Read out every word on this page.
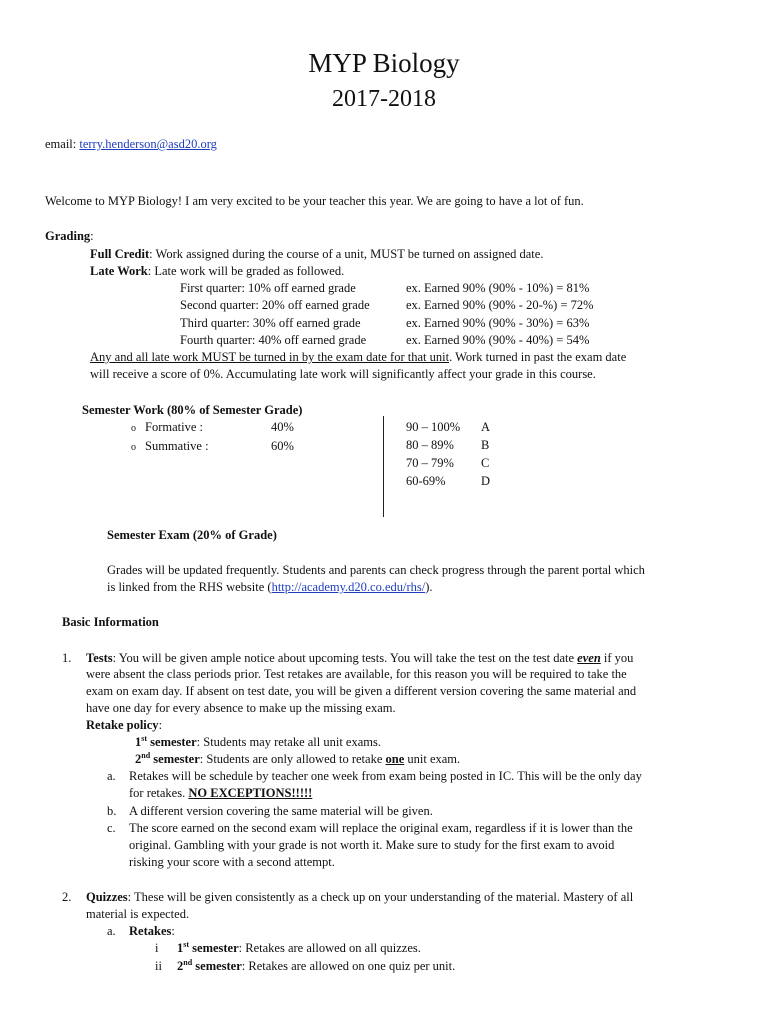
MYP Biology
2017-2018
email: terry.henderson@asd20.org
Welcome to MYP Biology! I am very excited to be your teacher this year. We are going to have a lot of fun.
Grading:
Full Credit: Work assigned during the course of a unit, MUST be turned on assigned date.
Late Work: Late work will be graded as followed.
First quarter: 10% off earned grade	ex. Earned 90% (90% - 10%) = 81%
Second quarter: 20% off earned grade	ex. Earned 90% (90% - 20-%) = 72%
Third quarter: 30% off earned grade	ex. Earned 90% (90% - 30%) = 63%
Fourth quarter: 40% off earned grade	ex. Earned 90% (90% - 40%) = 54%
Any and all late work MUST be turned in by the exam date for that unit. Work turned in past the exam date
will receive a score of 0%. Accumulating late work will significantly affect your grade in this course.
Semester Work (80% of Semester Grade)
o Formative :	40%
o Summative :	60%
90 – 100% A
80 – 89% B
70 – 79% C
60-69%	D
Semester Exam (20% of Grade)
Grades will be updated frequently. Students and parents can check progress through the parent portal which
is linked from the RHS website (http://academy.d20.co.edu/rhs/).
Basic Information
1. Tests: You will be given ample notice about upcoming tests. You will take the test on the test date even if you
were absent the class periods prior. Test retakes are available, for this reason you will be required to take the
exam on exam day. If absent on test date, you will be given a different version covering the same material and
have one day for every absence to make up the missing exam.
Retake policy:
1st semester: Students may retake all unit exams.
2nd semester: Students are only allowed to retake one unit exam.
a. Retakes will be schedule by teacher one week from exam being posted in IC. This will be the only day
for retakes. NO EXCEPTIONS!!!!!
b. A different version covering the same material will be given.
c. The score earned on the second exam will replace the original exam, regardless if it is lower than the
original. Gambling with your grade is not worth it. Make sure to study for the first exam to avoid
risking your score with a second attempt.
2. Quizzes: These will be given consistently as a check up on your understanding of the material. Mastery of all
material is expected.
a. Retakes:
i 1st semester: Retakes are allowed on all quizzes.
ii 2nd semester: Retakes are allowed on one quiz per unit.
